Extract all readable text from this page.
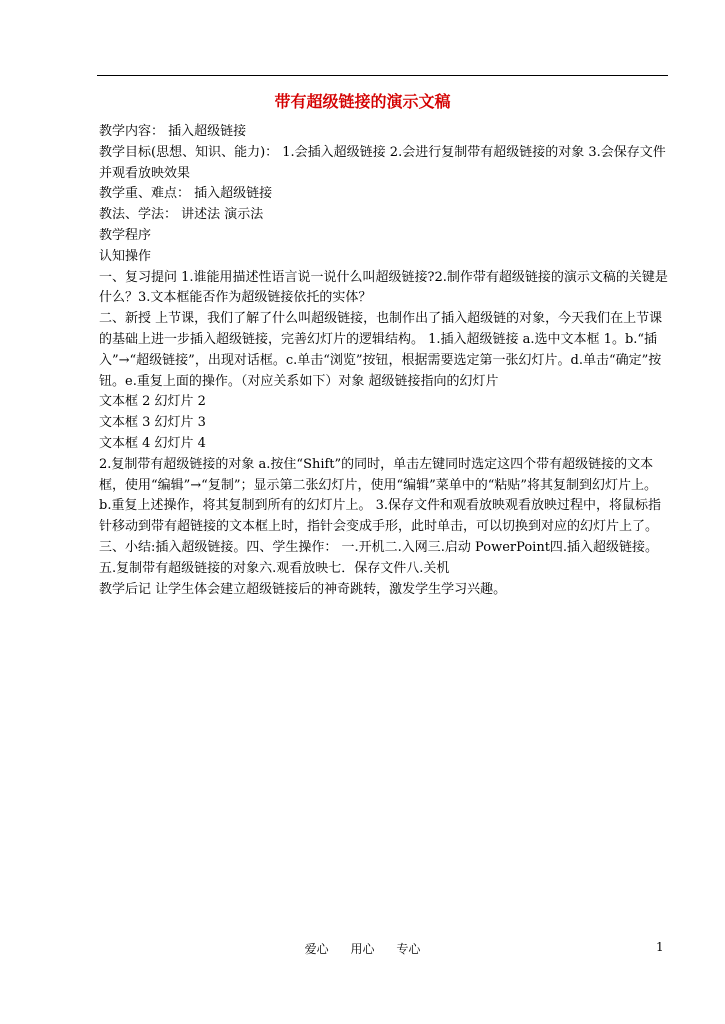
带有超级链接的演示文稿

教学内容： 插入超级链接

教学目标(思想、知识、能力)： 1.会插入超级链接 2.会进行复制带有超级链接的对象 3.会保存文件并观看放映效果

教学重、难点： 插入超级链接

教法、学法： 讲述法 演示法

教学程序

认知操作

一、复习提问 1.谁能用描述性语言说一说什么叫超级链接?2.制作带有超级链接的演示文稿的关键是什么？3.文本框能否作为超级链接依托的实体？

二、新授 上节课，我们了解了什么叫超级链接，也制作出了插入超级链的对象，今天我们在上节课的基础上进一步插入超级链接，完善幻灯片的逻辑结构。 1.插入超级链接 a.选中文本框 1。b.“插入”→“超级链接”，出现对话框。c.单击“浏览”按钮，根据需要选定第一张幻灯片。d.单击“确定”按钮。e.重复上面的操作。（对应关系如下）对象 超级链接指向的幻灯片

文本框 2 幻灯片 2

文本框 3 幻灯片 3

文本框 4 幻灯片 4

2.复制带有超级链接的对象 a.按住“Shift”的同时，单击左键同时选定这四个带有超级链接的文本框，使用“编辑”→“复制”；显示第二张幻灯片，使用“编辑”菜单中的“粘贴”将其复制到幻灯片上。b.重复上述操作，将其复制到所有的幻灯片上。 3.保存文件和观看放映观看放映过程中，将鼠标指针移动到带有超链接的文本框上时，指针会变成手形，此时单击，可以切换到对应的幻灯片上了。三、小结:插入超级链接。四、学生操作： 一.开机二.入网三.启动 PowerPoint四.插入超级链接。五.复制带有超级链接的对象六.观看放映七．保存文件八.关机

教学后记 让学生体会建立超级链接后的神奇跳转，激发学生学习兴趣。

爱心 用心 专心	1
